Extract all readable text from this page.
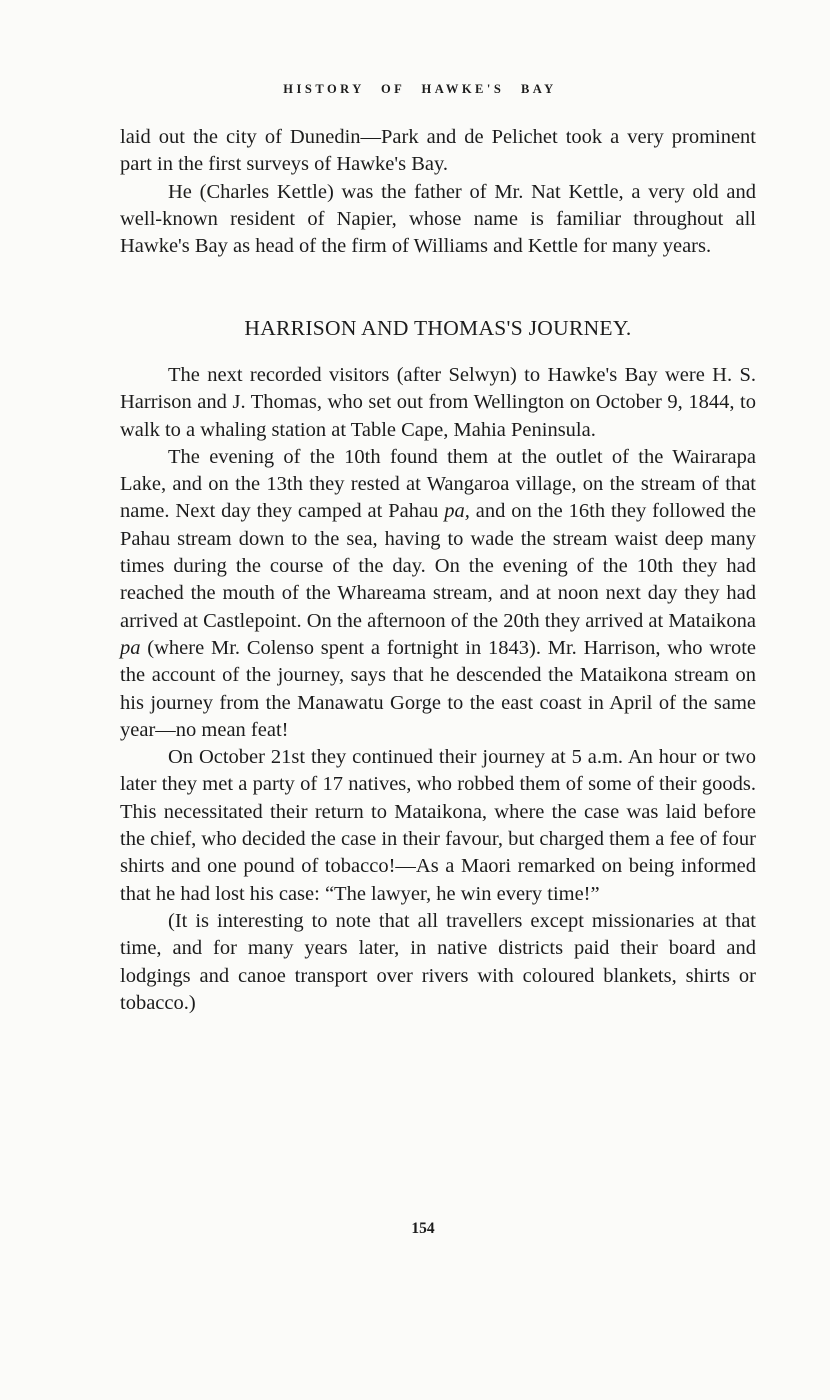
HISTORY OF HAWKE'S BAY

laid out the city of Dunedin—Park and de Pelichet took a very prominent part in the first surveys of Hawke's Bay.

He (Charles Kettle) was the father of Mr. Nat Kettle, a very old and well-known resident of Napier, whose name is familiar throughout all Hawke's Bay as head of the firm of Williams and Kettle for many years.

HARRISON AND THOMAS'S JOURNEY.

The next recorded visitors (after Selwyn) to Hawke's Bay were H. S. Harrison and J. Thomas, who set out from Wellington on October 9, 1844, to walk to a whaling station at Table Cape, Mahia Peninsula.

The evening of the 10th found them at the outlet of the Wairarapa Lake, and on the 13th they rested at Wangaroa village, on the stream of that name. Next day they camped at Pahau pa, and on the 16th they followed the Pahau stream down to the sea, having to wade the stream waist deep many times during the course of the day. On the evening of the 10th they had reached the mouth of the Whareama stream, and at noon next day they had arrived at Castlepoint. On the afternoon of the 20th they arrived at Mataikona pa (where Mr. Colenso spent a fortnight in 1843). Mr. Harrison, who wrote the account of the journey, says that he descended the Mataikona stream on his journey from the Manawatu Gorge to the east coast in April of the same year—no mean feat!

On October 21st they continued their journey at 5 a.m. An hour or two later they met a party of 17 natives, who robbed them of some of their goods. This necessitated their return to Mataikona, where the case was laid before the chief, who decided the case in their favour, but charged them a fee of four shirts and one pound of tobacco!—As a Maori remarked on being informed that he had lost his case: “The lawyer, he win every time!”

(It is interesting to note that all travellers except missionaries at that time, and for many years later, in native districts paid their board and lodgings and canoe transport over rivers with coloured blankets, shirts or tobacco.)

154
